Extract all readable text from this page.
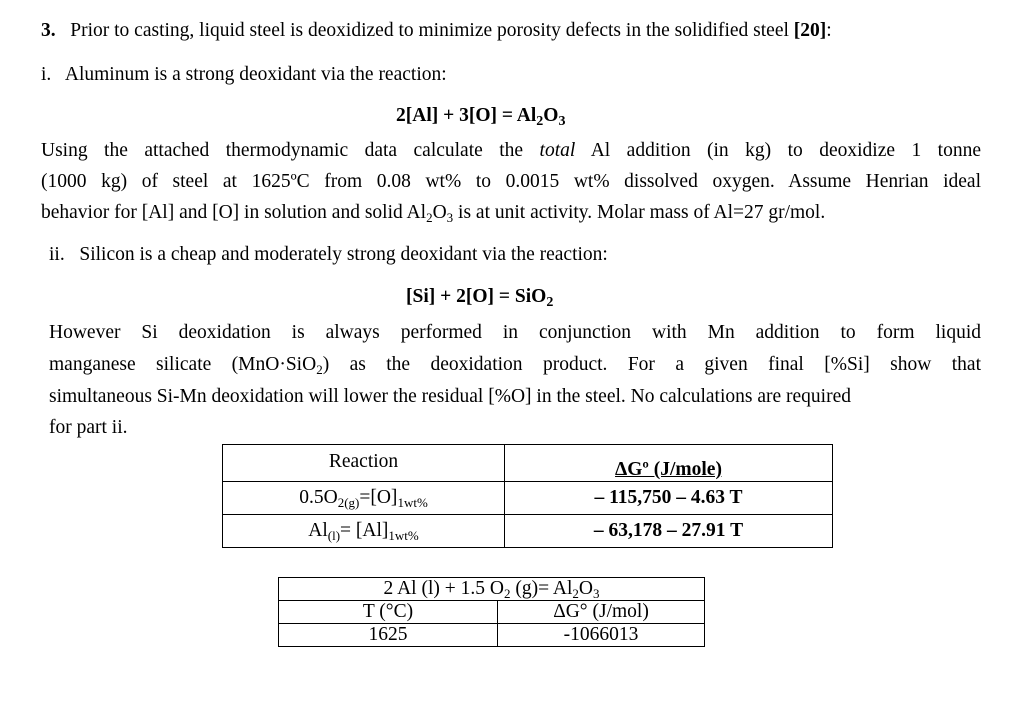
3. Prior to casting, liquid steel is deoxidized to minimize porosity defects in the solidified steel [20]:
i. Aluminum is a strong deoxidant via the reaction:
$2[Al] + 3[O] = Al_2O_3$
Using the attached thermodynamic data calculate the total Al addition (in kg) to deoxidize 1 tonne
(1000 kg) of steel at 1625ºC from 0.08 wt% to 0.0015 wt% dissolved oxygen. Assume Henrian ideal
behavior for [Al] and [O] in solution and solid $Al_2O_3$ is at unit activity. Molar mass of Al=27 gr/mol.
ii. Silicon is a cheap and moderately strong deoxidant via the reaction:
[Si] + 2[O] = SiO$_2$
However Si deoxidation is always performed in conjunction with Mn addition to form liquid
manganese silicate (MnO·SiO$_2$) as the deoxidation product. For a given final [%Si] show that
simultaneous Si-Mn deoxidation will lower the residual [%O] in the steel. No calculations are required
for part ii.
Reaction	ΔGº (J/mole)
$0.5O_{2(g)}=[O]_{1wt\%}$	– 115,750 – 4.63 T
$Al_{(l)}= [Al]_{1wt\%}$	– 63,178 – 27.91 T
2 Al (l) + 1.5 $O_2$ $(g)= Al_2O_3$
T (°C)	ΔG° (J/mol)
1625	-1066013
